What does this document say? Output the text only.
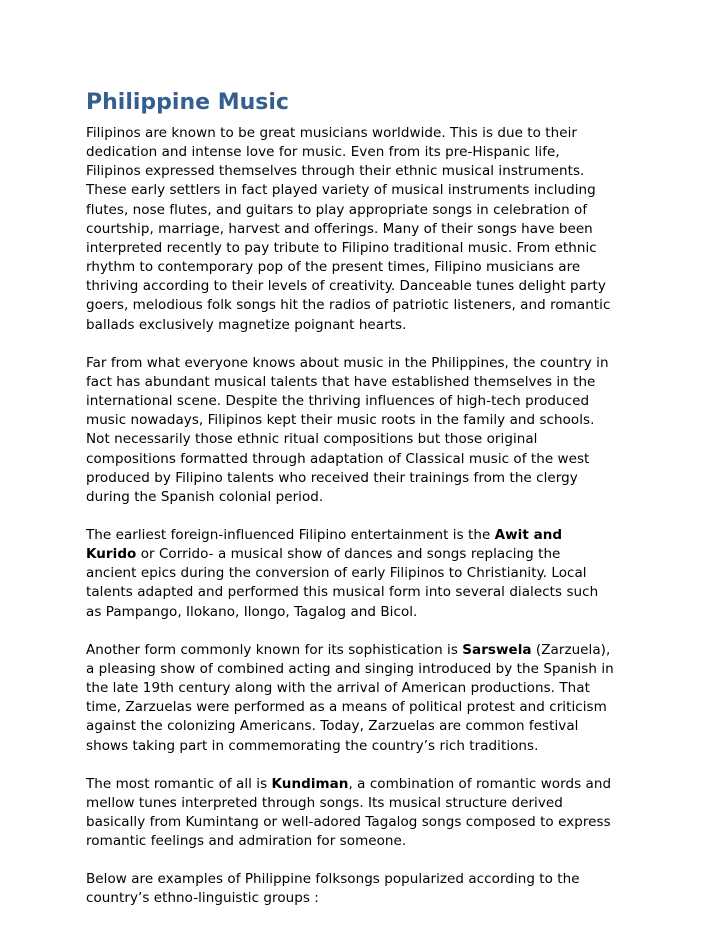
Philippine Music

Filipinos are known to be great musicians worldwide. This is due to their
dedication and intense love for music. Even from its pre-Hispanic life,
Filipinos expressed themselves through their ethnic musical instruments.
These early settlers in fact played variety of musical instruments including
flutes, nose flutes, and guitars to play appropriate songs in celebration of
courtship, marriage, harvest and offerings. Many of their songs have been
interpreted recently to pay tribute to Filipino traditional music. From ethnic
rhythm to contemporary pop of the present times, Filipino musicians are
thriving according to their levels of creativity. Danceable tunes delight party
goers, melodious folk songs hit the radios of patriotic listeners, and romantic
ballads exclusively magnetize poignant hearts.

Far from what everyone knows about music in the Philippines, the country in
fact has abundant musical talents that have established themselves in the
international scene. Despite the thriving influences of high-tech produced
music nowadays, Filipinos kept their music roots in the family and schools.
Not necessarily those ethnic ritual compositions but those original
compositions formatted through adaptation of Classical music of the west
produced by Filipino talents who received their trainings from the clergy
during the Spanish colonial period.

The earliest foreign-influenced Filipino entertainment is the Awit and
Kurido or Corrido- a musical show of dances and songs replacing the
ancient epics during the conversion of early Filipinos to Christianity. Local
talents adapted and performed this musical form into several dialects such
as Pampango, Ilokano, Ilongo, Tagalog and Bicol.

Another form commonly known for its sophistication is Sarswela (Zarzuela),
a pleasing show of combined acting and singing introduced by the Spanish in
the late 19th century along with the arrival of American productions. That
time, Zarzuelas were performed as a means of political protest and criticism
against the colonizing Americans. Today, Zarzuelas are common festival
shows taking part in commemorating the country’s rich traditions.

The most romantic of all is Kundiman, a combination of romantic words and
mellow tunes interpreted through songs. Its musical structure derived
basically from Kumintang or well-adored Tagalog songs composed to express
romantic feelings and admiration for someone.

Below are examples of Philippine folksongs popularized according to the
country’s ethno-linguistic groups :
